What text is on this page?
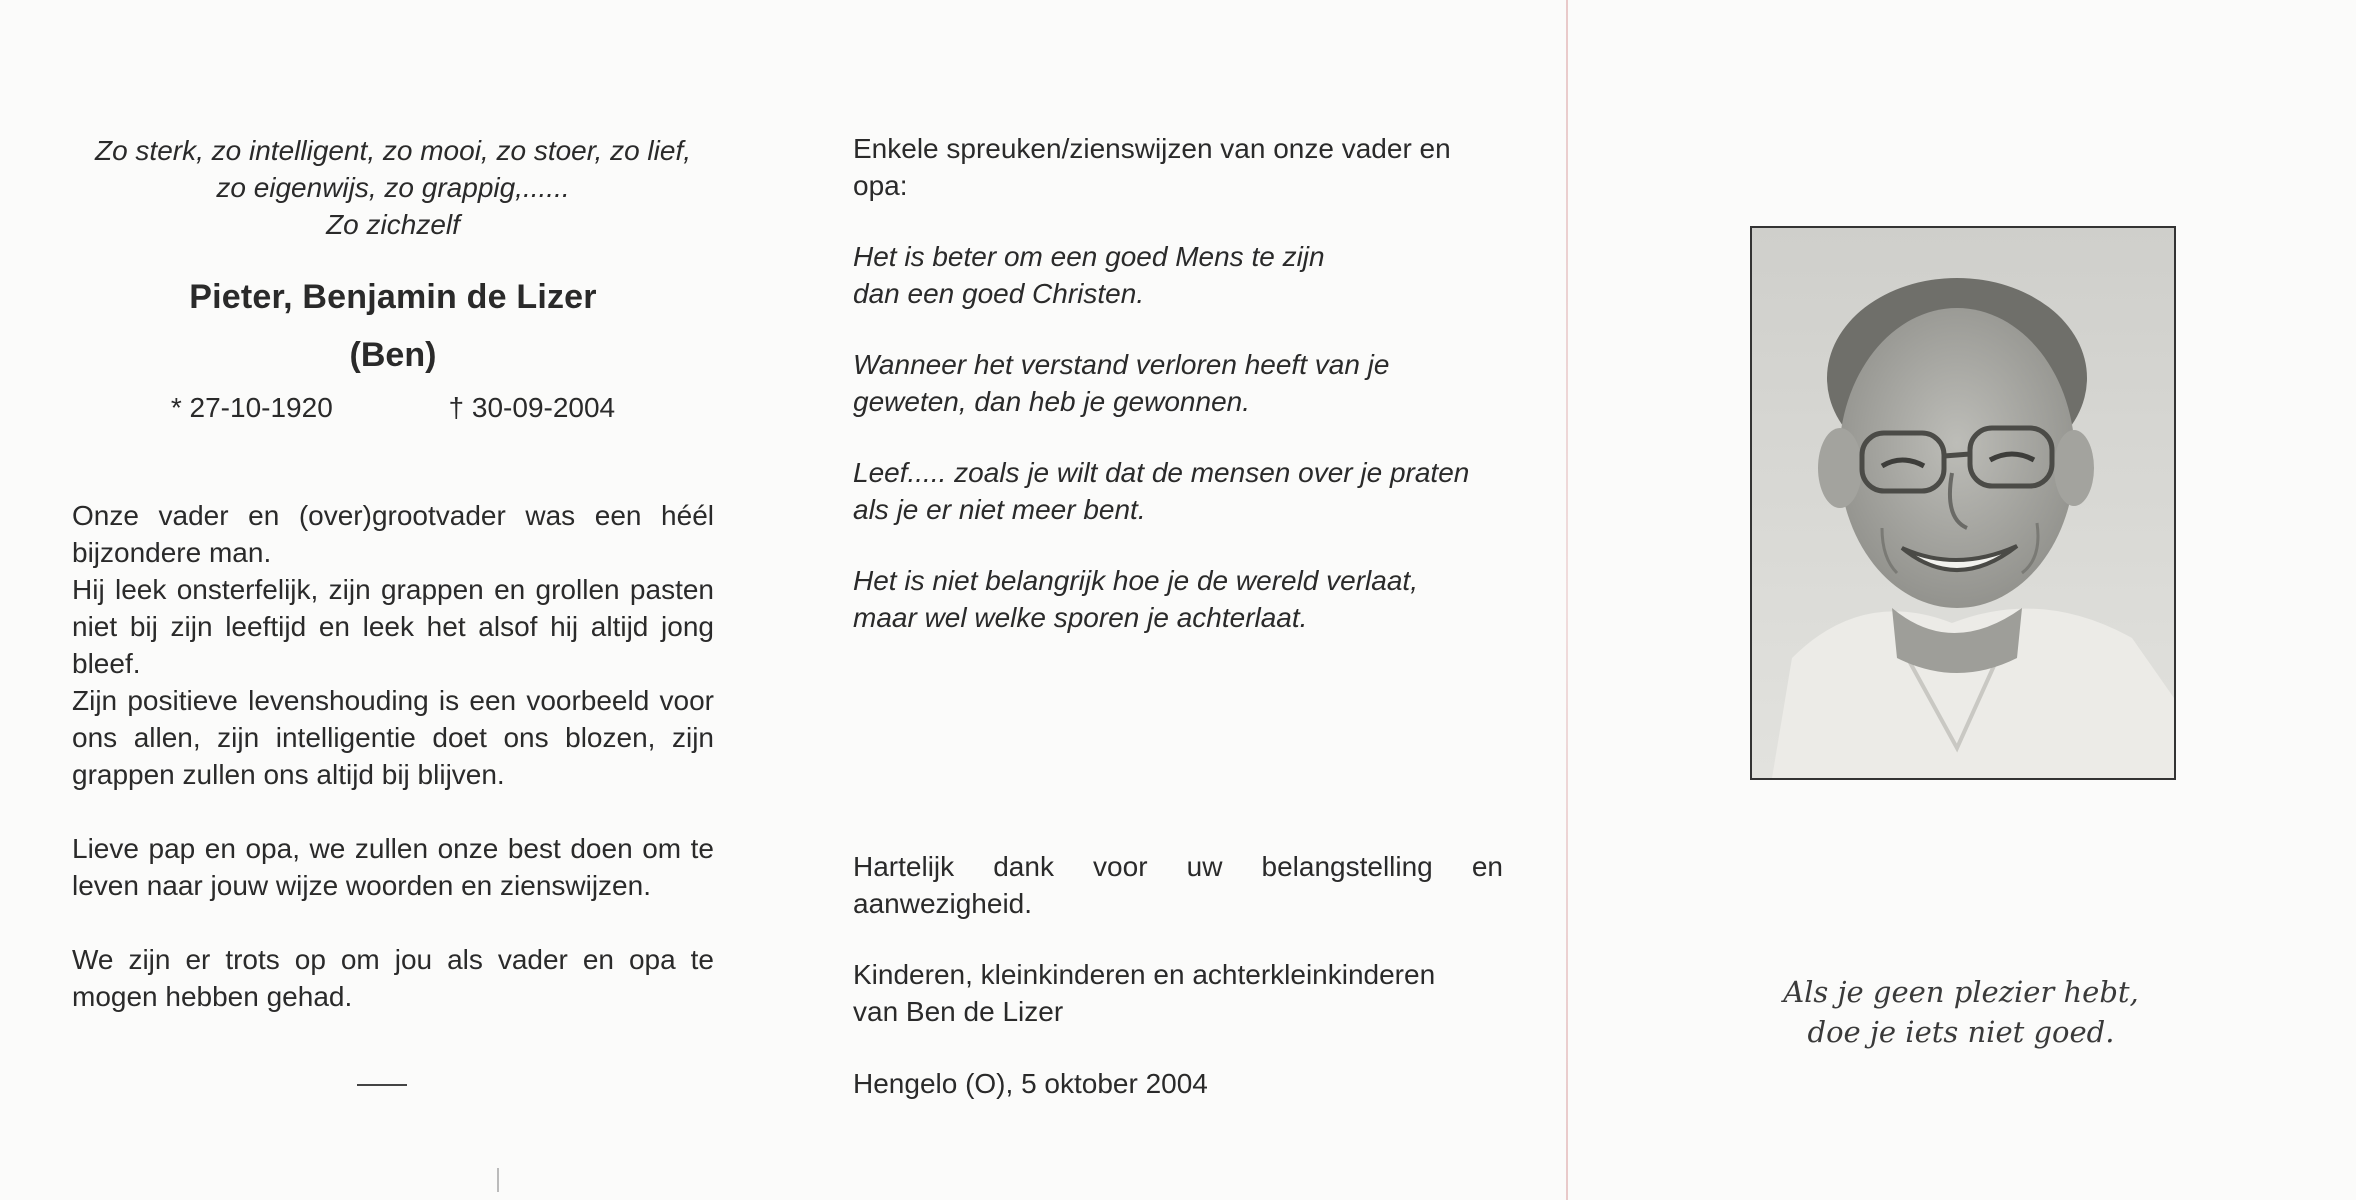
Zo sterk, zo intelligent, zo mooi, zo stoer, zo lief,
zo eigenwijs, zo grappig,......
Zo zichzelf
Pieter, Benjamin de Lizer
(Ben)
* 27-10-1920	† 30-09-2004

Onze vader en (over)grootvader was een héél bijzondere man.

Hij leek onsterfelijk, zijn grappen en grollen pasten niet bij zijn leeftijd en leek het alsof hij altijd jong bleef.

Zijn positieve levenshouding is een voorbeeld voor ons allen, zijn intelligentie doet ons blozen, zijn grappen zullen ons altijd bij blijven.

Lieve pap en opa, we zullen onze best doen om te leven naar jouw wijze woorden en zienswijzen.

We zijn er trots op om jou als vader en opa te mogen hebben gehad.

Enkele spreuken/zienswijzen van onze vader en opa:

Het is beter om een goed Mens te zijn
dan een goed Christen.

Wanneer het verstand verloren heeft van je
geweten, dan heb je gewonnen.

Leef..... zoals je wilt dat de mensen over je praten
als je er niet meer bent.

Het is niet belangrijk hoe je de wereld verlaat,
maar wel welke sporen je achterlaat.

Hartelijk dank voor uw belangstelling en aanwezigheid.

Kinderen, kleinkinderen en achterkleinkinderen
van Ben de Lizer

Hengelo (O), 5 oktober 2004
Als je geen plezier hebt,
doe je iets niet goed.
